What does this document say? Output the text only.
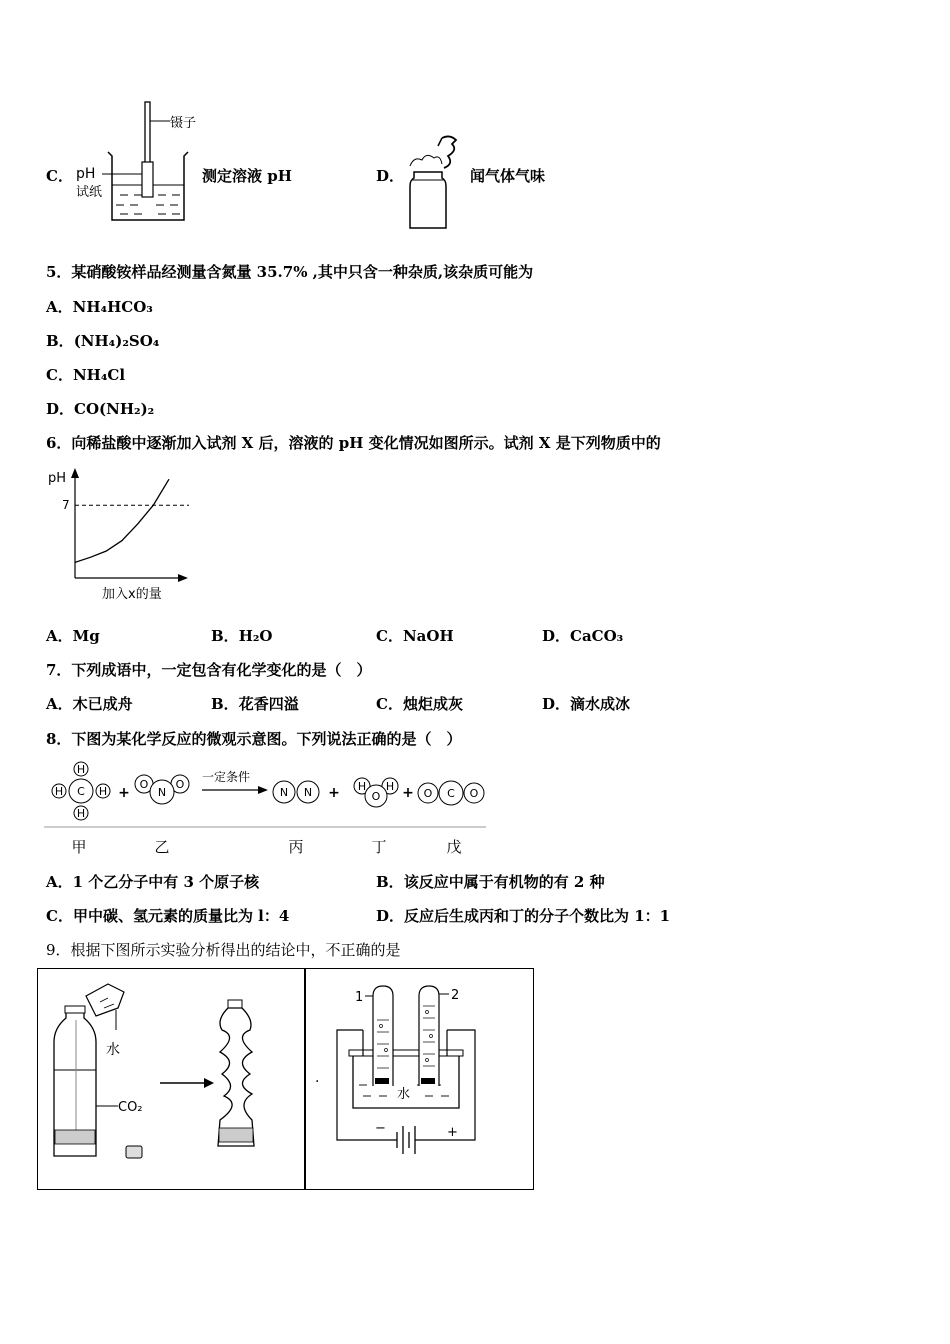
C．
镊子
pH
试纸
测定溶液 pH	D．	闻气体气味
5．某硝酸铵样品经测量含氮量 35.7% ,其中只含一种杂质,该杂质可能为
A．NH₄HCO₃
B．(NH₄)₂SO₄
C．NH₄Cl
D．CO(NH₂)₂
6．向稀盐酸中逐渐加入试剂 X 后，溶液的 pH 变化情况如图所示。试剂 X 是下列物质中的
pH
加入x的量
7
A．Mg	B．H₂O	C．NaOH	D．CaCO₃
7．下列成语中，一定包含有化学变化的是（　）
A．木已成舟	B．花香四溢	C．烛炬成灰	D．滴水成冰
8．下图为某化学反应的微观示意图。下列说法正确的是（　）
H
H
H	H
C
O O
N	N N	H H
O	O	O
C
+	+	+
一定条件
甲	乙	丙	丁	戊
A．1 个乙分子中有 3 个原子核	B．该反应中属于有机物的有 2 种
C．甲中碳、氢元素的质量比为 l：4	D．反应后生成丙和丁的分子个数比为 1：1
9．根据下图所示实验分析得出的结论中，不正确的是
水
CO₂
.
水
1	2
−	+
